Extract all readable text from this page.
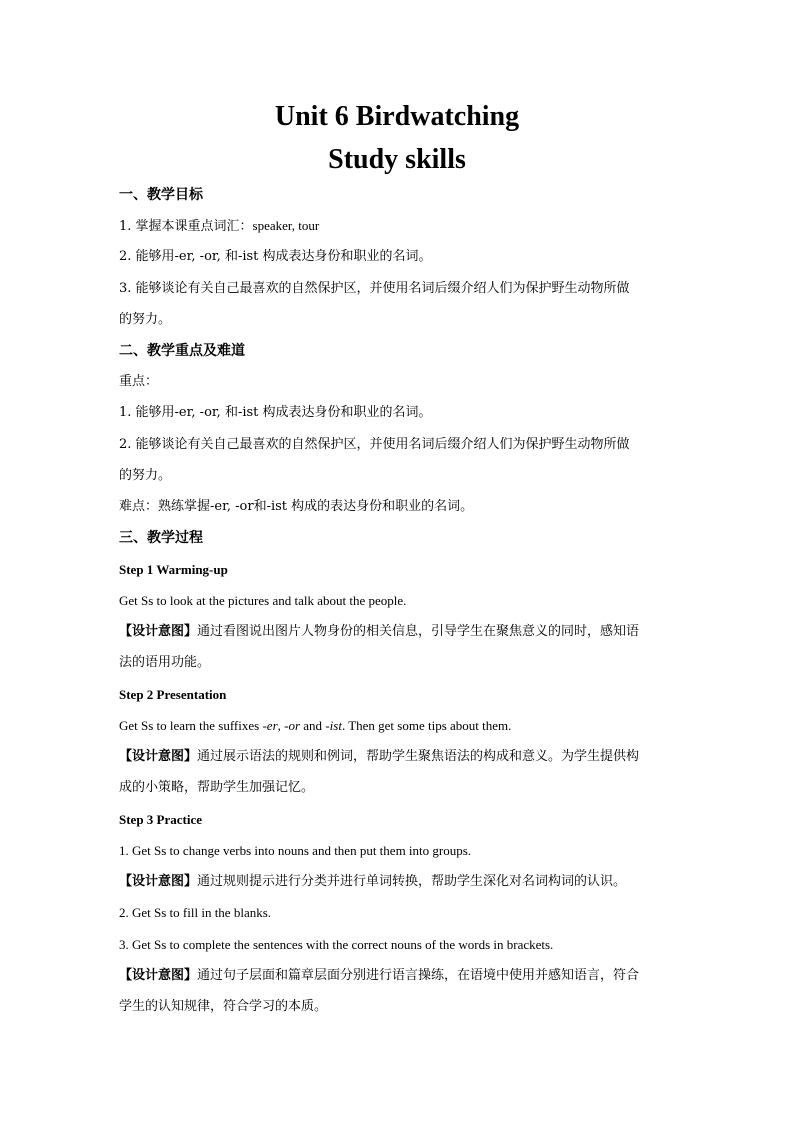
Unit 6 Birdwatching
Study skills

一、教学目标

1. 掌握本课重点词汇：speaker, tour

2. 能够用-er, -or, 和-ist 构成表达身份和职业的名词。

3. 能够谈论有关自己最喜欢的自然保护区，并使用名词后缀介绍人们为保护野生动物所做

的努力。

二、教学重点及难道

重点：

1. 能够用-er, -or, 和-ist 构成表达身份和职业的名词。

2. 能够谈论有关自己最喜欢的自然保护区，并使用名词后缀介绍人们为保护野生动物所做

的努力。

难点：熟练掌握-er, -or和-ist 构成的表达身份和职业的名词。

三、教学过程

Step 1 Warming-up

Get Ss to look at the pictures and talk about the people.

【设计意图】通过看图说出图片人物身份的相关信息，引导学生在聚焦意义的同时，感知语

法的语用功能。

Step 2 Presentation

Get Ss to learn the suffixes -er, -or and -ist. Then get some tips about them.

【设计意图】通过展示语法的规则和例词，帮助学生聚焦语法的构成和意义。为学生提供构

成的小策略，帮助学生加强记忆。

Step 3 Practice

1. Get Ss to change verbs into nouns and then put them into groups.

【设计意图】通过规则提示进行分类并进行单词转换，帮助学生深化对名词构词的认识。

2. Get Ss to fill in the blanks.

3. Get Ss to complete the sentences with the correct nouns of the words in brackets.

【设计意图】通过句子层面和篇章层面分别进行语言操练，在语境中使用并感知语言，符合

学生的认知规律，符合学习的本质。
